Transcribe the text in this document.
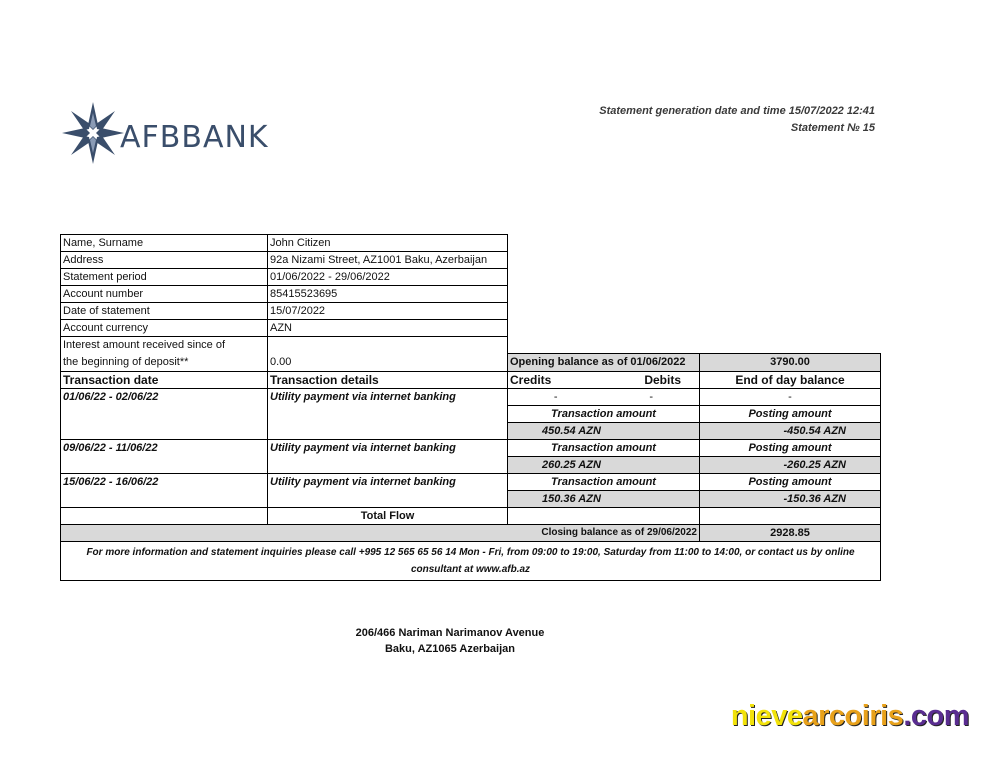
AFBBANK
Statement generation date and time 15/07/2022 12:41
Statement № 15
Name, Surname	John Citizen			
Address	92a Nizami Street, AZ1001 Baku, Azerbaijan			
Statement period	01/06/2022 - 29/06/2022			
Account number	85415523695			
Date of statement	15/07/2022			
Account currency	AZN			

Interest amount received since of
the beginning of deposit**	0.00			
		Opening balance as of 01/06/2022		3790.00
Transaction date	Transaction details	Credits	Debits	End of day balance
01/06/22 - 02/06/22	Utility payment via internet banking	-	-	-
		Transaction amount		Posting amount
		450.54 AZN		-450.54 AZN
09/06/22 - 11/06/22	Utility payment via internet banking	Transaction amount		Posting amount
		260.25 AZN		-260.25 AZN
15/06/22 - 16/06/22	Utility payment via internet banking	Transaction amount		Posting amount
		150.36 AZN		-150.36 AZN
	Total Flow			
		Closing balance as of 29/06/2022		2928.85

For more information and statement inquiries please call +995 12 565 65 56 14 Mon - Fri, from 09:00 to 19:00, Saturday from 11:00 to 14:00, or contact us by online
consultant at www.afb.az				
206/466 Nariman Narimanov Avenue
Baku, AZ1065 Azerbaijan
nievearcoiris.com
